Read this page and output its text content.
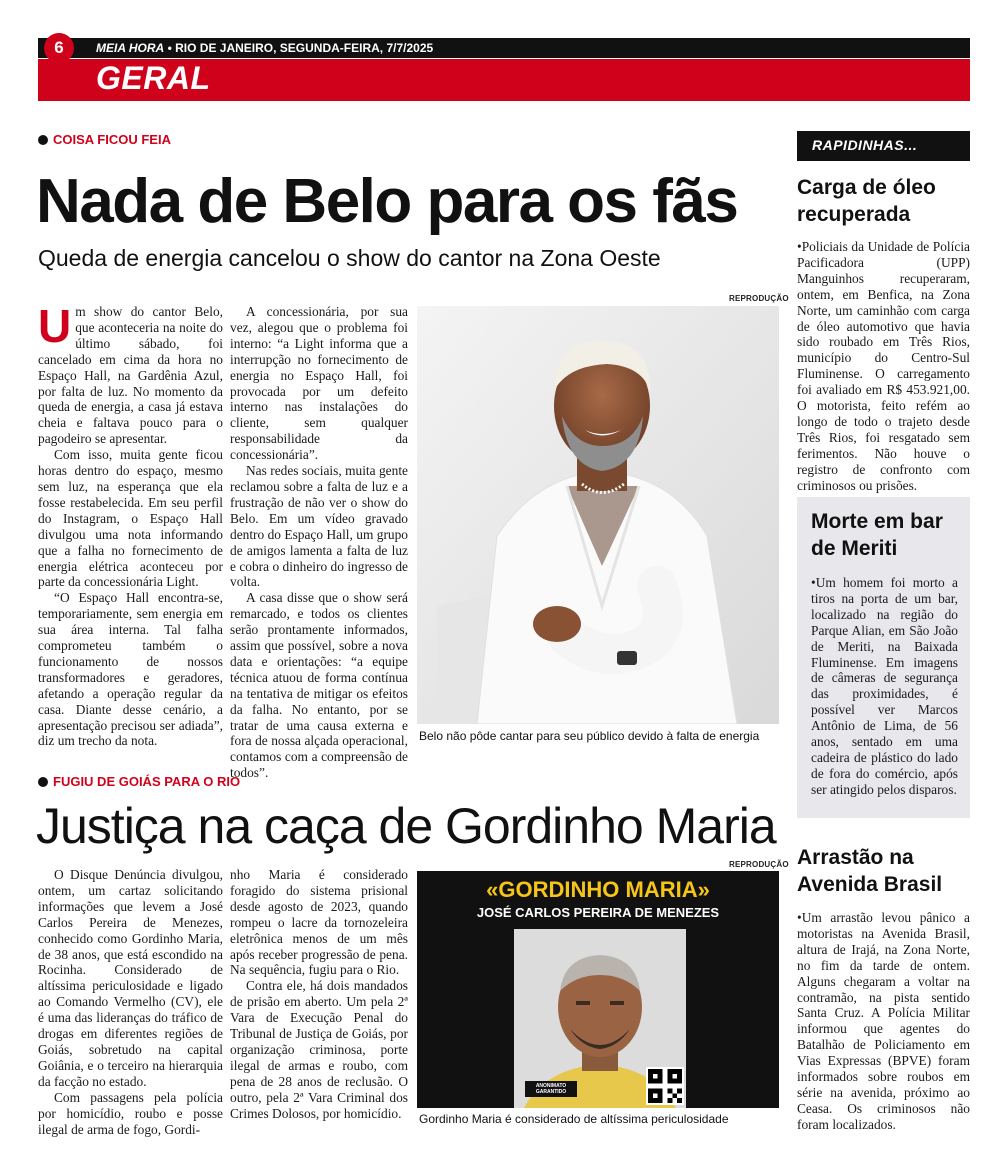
6	MEIA HORA • RIO DE JANEIRO, SEGUNDA-FEIRA, 7/7/2025
GERAL
COISA FICOU FEIA
Nada de Belo para os fãs
Queda de energia cancelou o show do cantor na Zona Oeste

Um show do cantor Belo, que aconteceria na noite do último sábado, foi cancelado em cima da hora no Espaço Hall, na Gardênia Azul, por falta de luz. No momento da queda de energia, a casa já estava cheia e faltava pouco para o pagodeiro se apresentar.

Com isso, muita gente ficou horas dentro do espaço, mesmo sem luz, na esperança que ela fosse restabelecida. Em seu perfil do Instagram, o Espaço Hall divulgou uma nota informando que a falha no fornecimento de energia elétrica aconteceu por parte da concessionária Light.

“O Espaço Hall encontra-se, temporariamente, sem energia em sua área interna. Tal falha comprometeu também o funcionamento de nossos transformadores e geradores, afetando a operação regular da casa. Diante desse cenário, a apresentação precisou ser adiada”, diz um trecho da nota.

A concessionária, por sua vez, alegou que o problema foi interno: “a Light informa que a interrupção no fornecimento de energia no Espaço Hall, foi provocada por um defeito interno nas instalações do cliente, sem qualquer responsabilidade da concessionária”.

Nas redes sociais, muita gente reclamou sobre a falta de luz e a frustração de não ver o show do Belo. Em um vídeo gravado dentro do Espaço Hall, um grupo de amigos lamenta a falta de luz e cobra o dinheiro do ingresso de volta.

A casa disse que o show será remarcado, e todos os clientes serão prontamente informados, assim que possível, sobre a nova data e orientações: “a equipe técnica atuou de forma contínua na tentativa de mitigar os efeitos da falha. No entanto, por se tratar de uma causa externa e fora de nossa alçada operacional, contamos com a compreensão de todos”.

REPRODUÇÃO
Belo não pôde cantar para seu público devido à falta de energia
FUGIU DE GOIÁS PARA O RIO
Justiça na caça de Gordinho Maria

O Disque Denúncia divulgou, ontem, um cartaz solicitando informações que levem a José Carlos Pereira de Menezes, conhecido como Gordinho Maria, de 38 anos, que está escondido na Rocinha. Considerado de altíssima periculosidade e ligado ao Comando Vermelho (CV), ele é uma das lideranças do tráfico de drogas em diferentes regiões de Goiás, sobretudo na capital Goiânia, e o terceiro na hierarquia da facção no estado.

Com passagens pela polícia por homicídio, roubo e posse ilegal de arma de fogo, Gordi-

nho Maria é considerado foragido do sistema prisional desde agosto de 2023, quando rompeu o lacre da tornozeleira eletrônica menos de um mês após receber progressão de pena. Na sequência, fugiu para o Rio.

Contra ele, há dois mandados de prisão em aberto. Um pela 2ª Vara de Execução Penal do Tribunal de Justiça de Goiás, por organização criminosa, porte ilegal de armas e roubo, com pena de 28 anos de reclusão. O outro, pela 2ª Vara Criminal dos Crimes Dolosos, por homicídio.

REPRODUÇÃO
«GORDINHO MARIA»
JOSÉ CARLOS PEREIRA DE MENEZES
ANONIMATO GARANTIDO
Gordinho Maria é considerado de altíssima periculosidade
RAPIDINHAS...
Carga de óleo recuperada
•Policiais da Unidade de Polícia Pacificadora (UPP) Manguinhos recuperaram, ontem, em Benfica, na Zona Norte, um caminhão com carga de óleo automotivo que havia sido roubado em Três Rios, município do Centro-Sul Fluminense. O carregamento foi avaliado em R$ 453.921,00. O motorista, feito refém ao longo de todo o trajeto desde Três Rios, foi resgatado sem ferimentos. Não houve o registro de confronto com criminosos ou prisões.
Morte em bar de Meriti
•Um homem foi morto a tiros na porta de um bar, localizado na região do Parque Alian, em São João de Meriti, na Baixada Fluminense. Em imagens de câmeras de segurança das proximidades, é possível ver Marcos Antônio de Lima, de 56 anos, sentado em uma cadeira de plástico do lado de fora do comércio, após ser atingido pelos disparos.
Arrastão na Avenida Brasil
•Um arrastão levou pânico a motoristas na Avenida Brasil, altura de Irajá, na Zona Norte, no fim da tarde de ontem. Alguns chegaram a voltar na contramão, na pista sentido Santa Cruz. A Polícia Militar informou que agentes do Batalhão de Policiamento em Vias Expressas (BPVE) foram informados sobre roubos em série na avenida, próximo ao Ceasa. Os criminosos não foram localizados.
